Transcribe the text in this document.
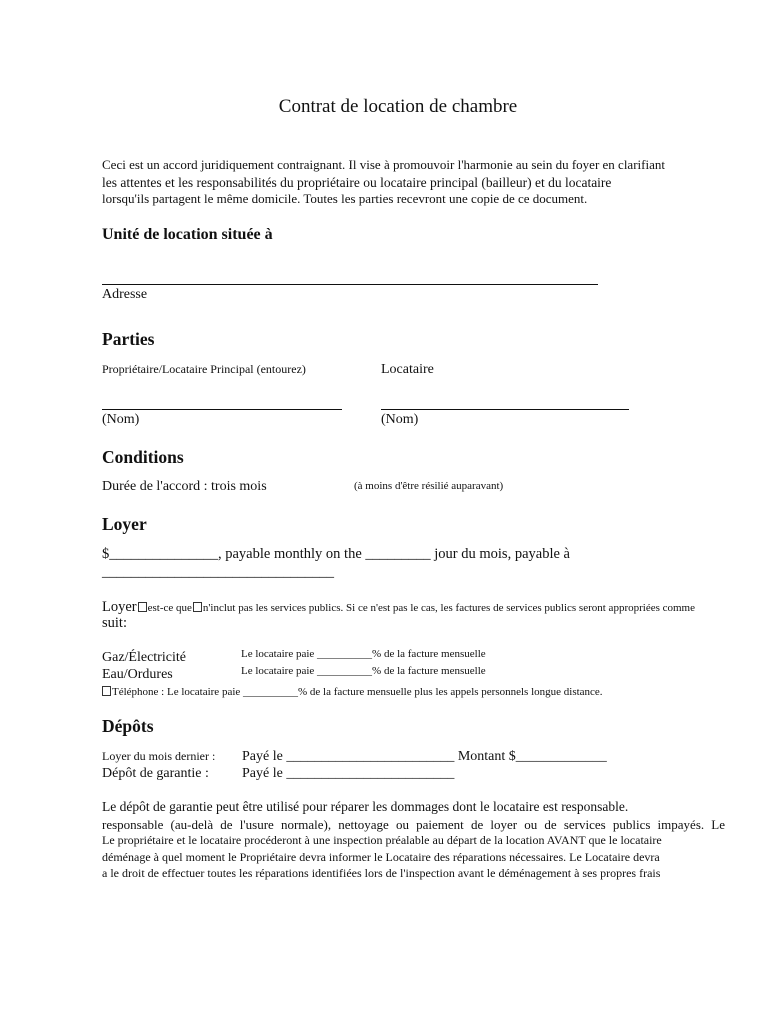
Contrat de location de chambre
Ceci est un accord juridiquement contraignant. Il vise à promouvoir l'harmonie au sein du foyer en clarifiant
les attentes et les responsabilités du propriétaire ou locataire principal (bailleur) et du locataire
lorsqu'ils partagent le même domicile. Toutes les parties recevront une copie de ce document.
Unité de location située à
Adresse
Parties
Propriétaire/Locataire Principal (entourez)	Locataire
(Nom)	(Nom)
Conditions
Durée de l'accord : trois mois	(à moins d'être résilié auparavant)
Loyer
$_______________, payable monthly on the _________ jour du mois, payable à
________________________________
Loyer est-ce que n'inclut pas les services publics. Si ce n'est pas le cas, les factures de services publics seront appropriées comme
suit:
Gaz/Électricité	Le locataire paie __________% de la facture mensuelle
Eau/Ordures	Le locataire paie __________% de la facture mensuelle
Téléphone : Le locataire paie __________% de la facture mensuelle plus les appels personnels longue distance.
Dépôts
Loyer du mois dernier : Payé le ________________________ Montant $_____________
Dépôt de garantie : Payé le ________________________
Le dépôt de garantie peut être utilisé pour réparer les dommages dont le locataire est responsable.
responsable (au-delà de l'usure normale), nettoyage ou paiement de loyer ou de services publics impayés. Le
Le propriétaire et le locataire procéderont à une inspection préalable au départ de la location AVANT que le locataire
déménage à quel moment le Propriétaire devra informer le Locataire des réparations nécessaires. Le Locataire devra
a le droit de effectuer toutes les réparations identifiées lors de l'inspection avant le déménagement à ses propres frais
